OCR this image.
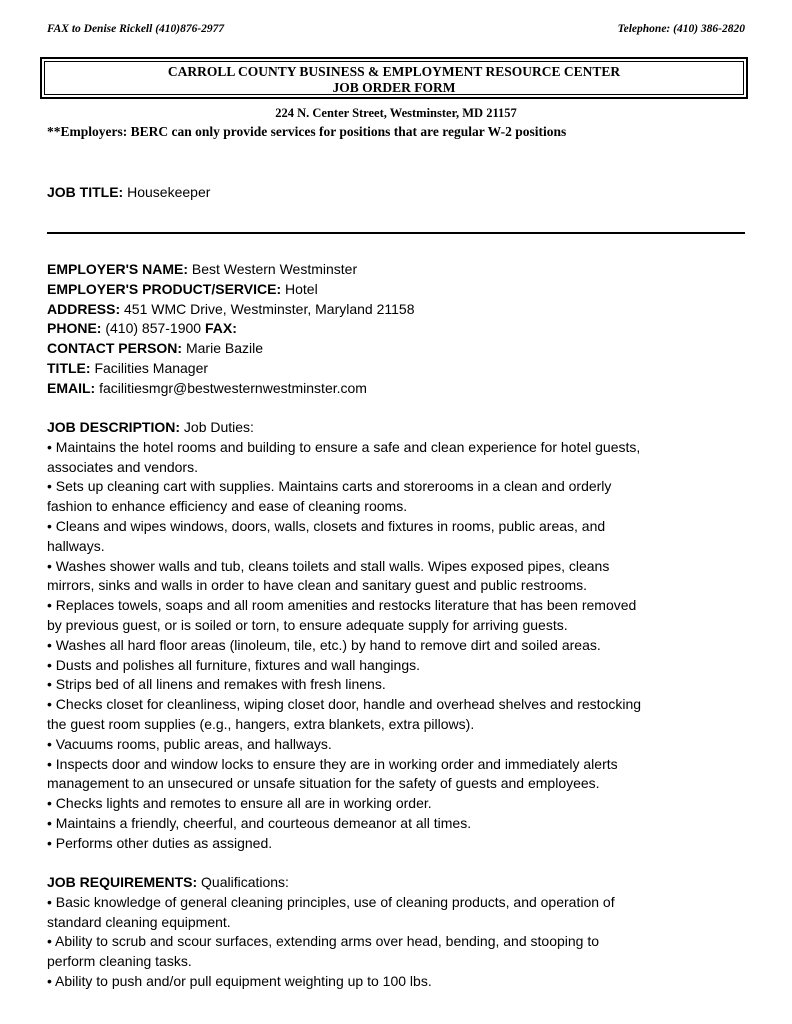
FAX to Denise Rickell (410)876-2977	Telephone: (410) 386-2820
CARROLL COUNTY BUSINESS & EMPLOYMENT RESOURCE CENTER
JOB ORDER FORM
224 N. Center Street, Westminster, MD 21157
**Employers: BERC can only provide services for positions that are regular W-2 positions
JOB TITLE: Housekeeper
EMPLOYER'S NAME: Best Western Westminster
EMPLOYER'S PRODUCT/SERVICE: Hotel
ADDRESS: 451 WMC Drive, Westminster, Maryland 21158
PHONE: (410) 857-1900 FAX:
CONTACT PERSON: Marie Bazile
TITLE: Facilities Manager
EMAIL: facilitiesmgr@bestwesternwestminster.com
JOB DESCRIPTION: Job Duties:
• Maintains the hotel rooms and building to ensure a safe and clean experience for hotel guests,
associates and vendors.
• Sets up cleaning cart with supplies. Maintains carts and storerooms in a clean and orderly
fashion to enhance efficiency and ease of cleaning rooms.
• Cleans and wipes windows, doors, walls, closets and fixtures in rooms, public areas, and
hallways.
• Washes shower walls and tub, cleans toilets and stall walls. Wipes exposed pipes, cleans
mirrors, sinks and walls in order to have clean and sanitary guest and public restrooms.
• Replaces towels, soaps and all room amenities and restocks literature that has been removed
by previous guest, or is soiled or torn, to ensure adequate supply for arriving guests.
• Washes all hard floor areas (linoleum, tile, etc.) by hand to remove dirt and soiled areas.
• Dusts and polishes all furniture, fixtures and wall hangings.
• Strips bed of all linens and remakes with fresh linens.
• Checks closet for cleanliness, wiping closet door, handle and overhead shelves and restocking
the guest room supplies (e.g., hangers, extra blankets, extra pillows).
• Vacuums rooms, public areas, and hallways.
• Inspects door and window locks to ensure they are in working order and immediately alerts
management to an unsecured or unsafe situation for the safety of guests and employees.
• Checks lights and remotes to ensure all are in working order.
• Maintains a friendly, cheerful, and courteous demeanor at all times.
• Performs other duties as assigned.
JOB REQUIREMENTS: Qualifications:
• Basic knowledge of general cleaning principles, use of cleaning products, and operation of
standard cleaning equipment.
• Ability to scrub and scour surfaces, extending arms over head, bending, and stooping to
perform cleaning tasks.
• Ability to push and/or pull equipment weighting up to 100 lbs.
